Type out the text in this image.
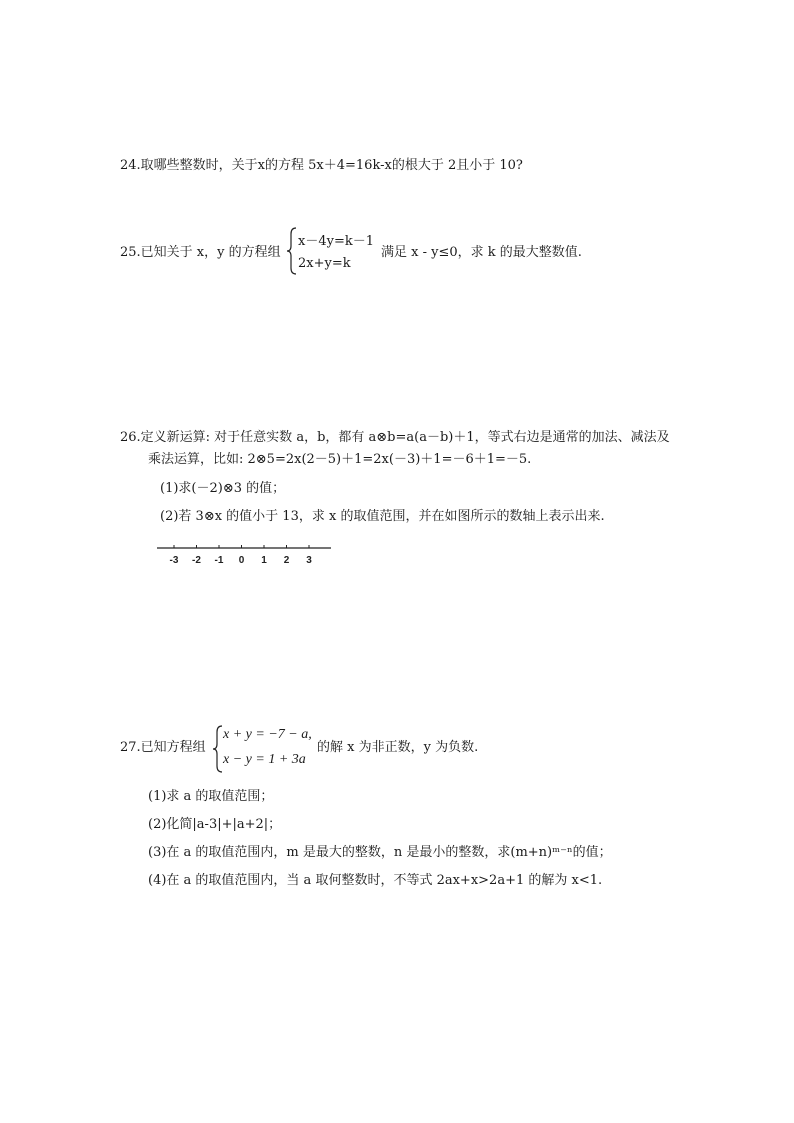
24.取哪些整数时，关于x的方程 5x＋4=16k-x的根大于 2且小于 10?
25.已知关于 x，y 的方程组
x－4y=k－1
2x+y=k
满足 x - y≤0，求 k 的最大整数值.
26.定义新运算: 对于任意实数 a，b，都有 a⊗b=a(a－b)＋1，等式右边是通常的加法、减法及
乘法运算，比如: 2⊗5=2x(2－5)＋1=2x(－3)＋1=－6＋1=－5.
(1)求(－2)⊗3 的值；
(2)若 3⊗x 的值小于 13，求 x 的取值范围，并在如图所示的数轴上表示出来.
-3 -2 -1 0 1 2 3
27.已知方程组
x + y = −7 − a,
x − y = 1 + 3a
的解 x 为非正数，y 为负数.
(1)求 a 的取值范围；
(2)化简|a-3|+|a+2|；
(3)在 a 的取值范围内，m 是最大的整数，n 是最小的整数，求(m+n)ᵐ⁻ⁿ的值；
(4)在 a 的取值范围内，当 a 取何整数时，不等式 2ax+x>2a+1 的解为 x<1.
